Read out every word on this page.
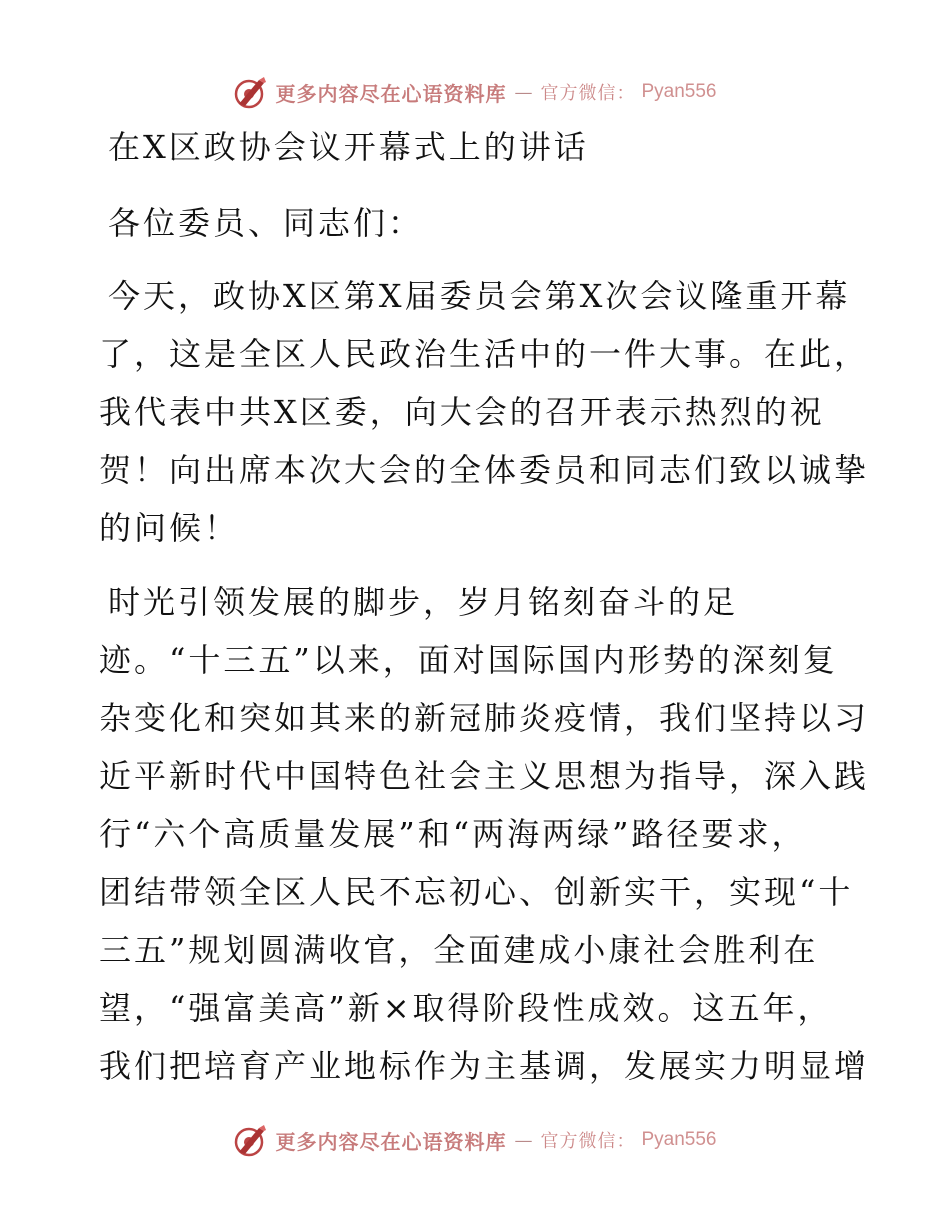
更多内容尽在心语资料库 — 官方微信： Pyan556
在X区政协会议开幕式上的讲话
各位委员、同志们：
今天，政协X区第X届委员会第X次会议隆重开幕
了，这是全区人民政治生活中的一件大事。在此，
我代表中共X区委，向大会的召开表示热烈的祝
贺！向出席本次大会的全体委员和同志们致以诚挚
的问候！
时光引领发展的脚步，岁月铭刻奋斗的足
迹。“十三五”以来，面对国际国内形势的深刻复
杂变化和突如其来的新冠肺炎疫情，我们坚持以习
近平新时代中国特色社会主义思想为指导，深入践
行“六个高质量发展”和“两海两绿”路径要求，
团结带领全区人民不忘初心、创新实干，实现“十
三五”规划圆满收官，全面建成小康社会胜利在
望，“强富美高”新×取得阶段性成效。这五年，
我们把培育产业地标作为主基调，发展实力明显增
更多内容尽在心语资料库 — 官方微信： Pyan556
